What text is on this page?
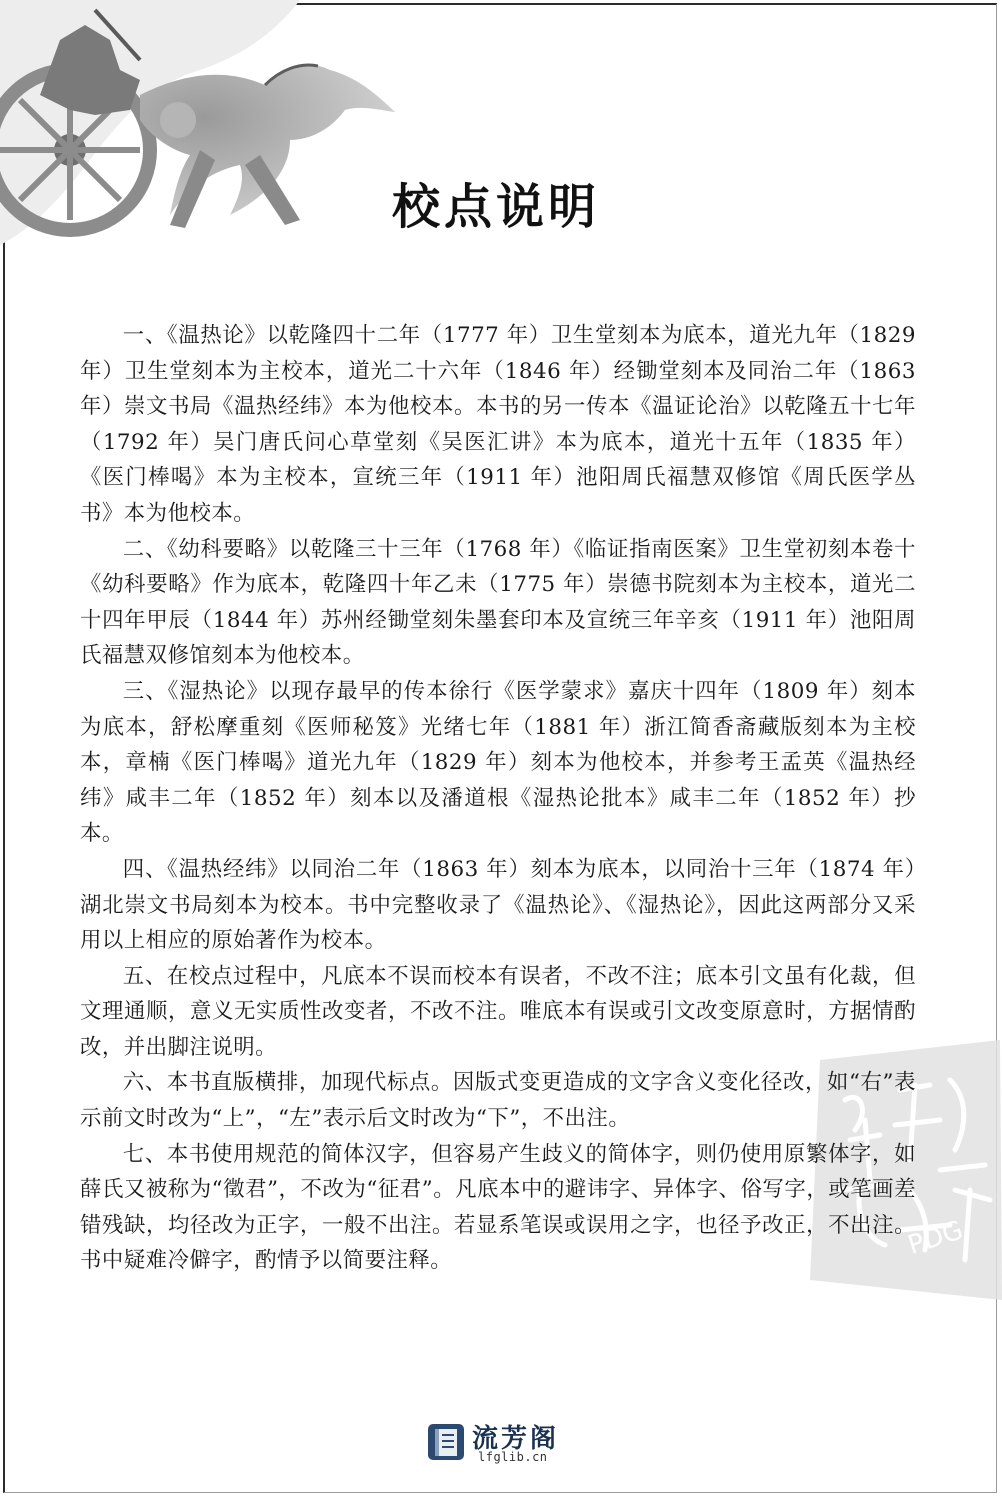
PDG
校点说明

一、《温热论》以乾隆四十二年（1777 年）卫生堂刻本为底本，道光九年（1829 年）卫生堂刻本为主校本，道光二十六年（1846 年）经锄堂刻本及同治二年（1863 年）崇文书局《温热经纬》本为他校本。本书的另一传本《温证论治》以乾隆五十七年（1792 年）吴门唐氏问心草堂刻《吴医汇讲》本为底本，道光十五年（1835 年）《医门棒喝》本为主校本，宣统三年（1911 年）池阳周氏福慧双修馆《周氏医学丛书》本为他校本。

二、《幼科要略》以乾隆三十三年（1768 年）《临证指南医案》卫生堂初刻本卷十《幼科要略》作为底本，乾隆四十年乙未（1775 年）崇德书院刻本为主校本，道光二十四年甲辰（1844 年）苏州经锄堂刻朱墨套印本及宣统三年辛亥（1911 年）池阳周氏福慧双修馆刻本为他校本。

三、《湿热论》以现存最早的传本徐行《医学蒙求》嘉庆十四年（1809 年）刻本为底本，舒松摩重刻《医师秘笈》光绪七年（1881 年）浙江简香斋藏版刻本为主校本，章楠《医门棒喝》道光九年（1829 年）刻本为他校本，并参考王孟英《温热经纬》咸丰二年（1852 年）刻本以及潘道根《湿热论批本》咸丰二年（1852 年）抄本。

四、《温热经纬》以同治二年（1863 年）刻本为底本，以同治十三年（1874 年）湖北崇文书局刻本为校本。书中完整收录了《温热论》、《湿热论》，因此这两部分又采用以上相应的原始著作为校本。

五、在校点过程中，凡底本不误而校本有误者，不改不注；底本引文虽有化裁，但文理通顺，意义无实质性改变者，不改不注。唯底本有误或引文改变原意时，方据情酌改，并出脚注说明。

六、本书直版横排，加现代标点。因版式变更造成的文字含义变化径改，如“右”表示前文时改为“上”，“左”表示后文时改为“下”，不出注。

七、本书使用规范的简体汉字，但容易产生歧义的简体字，则仍使用原繁体字，如薛氏又被称为“徵君”，不改为“征君”。凡底本中的避讳字、异体字、俗写字，或笔画差错残缺，均径改为正字，一般不出注。若显系笔误或误用之字，也径予改正，不出注。书中疑难冷僻字，酌情予以简要注释。

流芳阁
lfglib.cn
